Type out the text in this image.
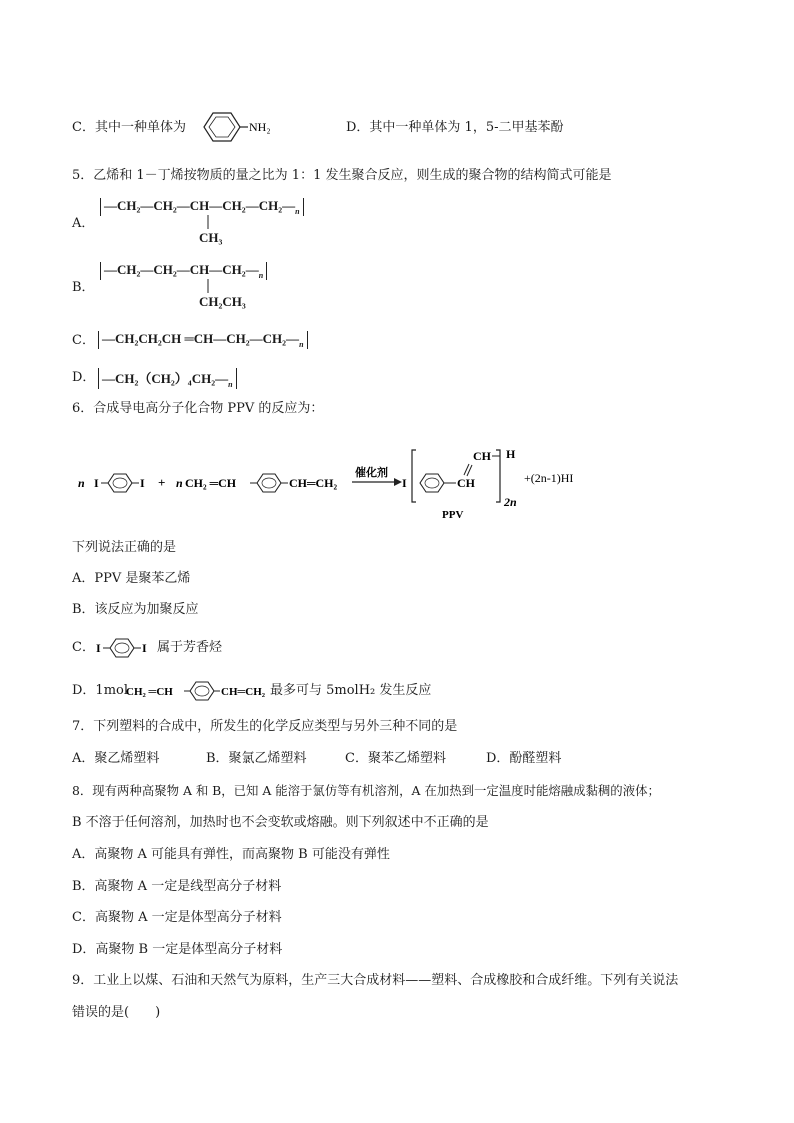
C．其中一种单体为	NH₂	D．其中一种单体为 1，5-二甲基苯酚
5．乙烯和 1－丁烯按物质的量之比为 1：1 发生聚合反应，则生成的聚合物的结构简式可能是
A．
$—CH_2—CH_2—CH—CH_2—CH_2—_n$
CH₃
B．
$—CH_2—CH_2—CH—CH_2—_n$
CH₂CH₃
C． —CH₂CH₂CH $═CH—CH_2—CH_2—_n$
D． $—CH_2(CH_2)_4CH_2—_n$
6．合成导电高分子化合物 PPV 的反应为：
n I	I + n CH₂ ═CH	CH═CH₂
催化剂
I	CH
CH H
2n
+(2n-1)HI
PPV
下列说法正确的是
A．PPV 是聚苯乙烯
B．该反应为加聚反应
C． I	I 属于芳香烃
D．1mol
CH₂ ═CH	CH═CH₂ 最多可与 5molH₂ 发生反应
7．下列塑料的合成中，所发生的化学反应类型与另外三种不同的是
A．聚乙烯塑料	B．聚氯乙烯塑料	C．聚苯乙烯塑料	D．酚醛塑料
8．现有两种高聚物 A 和 B，已知 A 能溶于氯仿等有机溶剂，A 在加热到一定温度时能熔融成黏稠的液体；
B 不溶于任何溶剂，加热时也不会变软或熔融。则下列叙述中不正确的是
A．高聚物 A 可能具有弹性，而高聚物 B 可能没有弹性
B．高聚物 A 一定是线型高分子材料
C．高聚物 A 一定是体型高分子材料
D．高聚物 B 一定是体型高分子材料
9．工业上以煤、石油和天然气为原料，生产三大合成材料——塑料、合成橡胶和合成纤维。下列有关说法
错误的是(　　)
